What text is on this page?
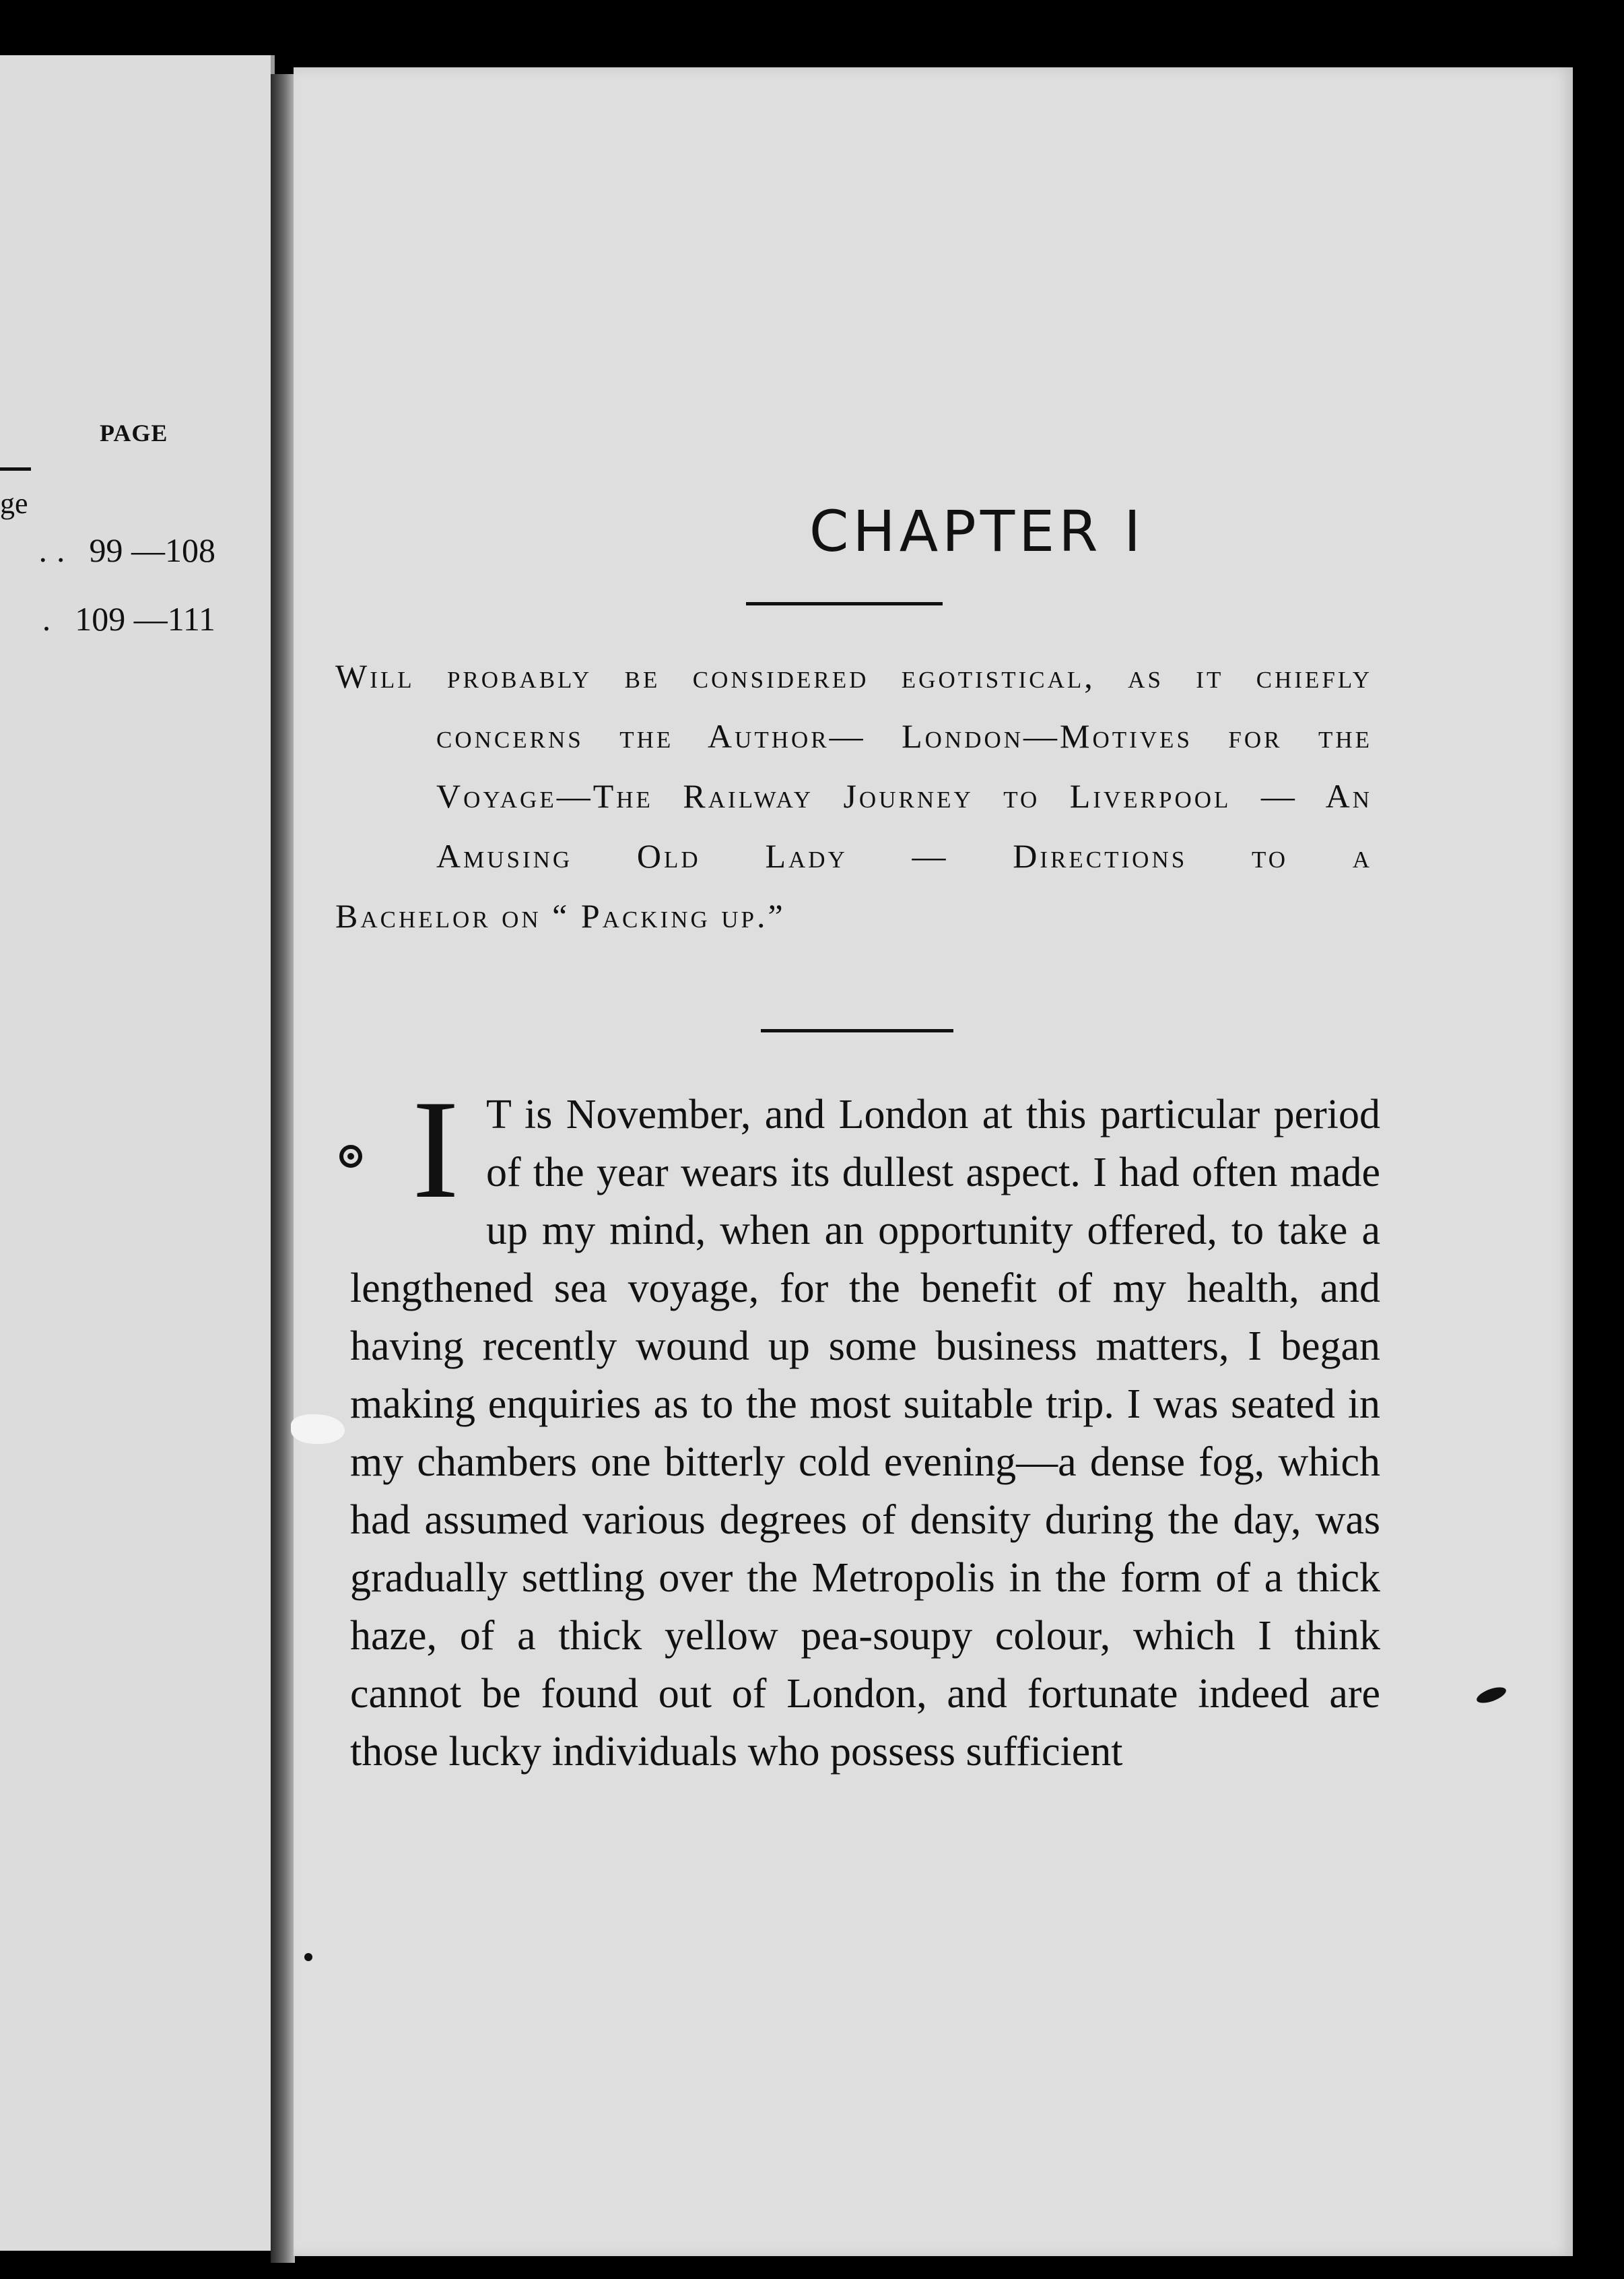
PAGE
ge
.. 99 —108
. 109 —111
CHAPTER I
Will probably be considered egotistical, as it chiefly concerns the Author— London—Motives for the Voyage—The Railway Journey to Liverpool — An Amusing Old Lady — Directions to a
Bachelor on “ Packing up.”
I T is November, and London at this particular period of the year wears its dullest aspect. I had often made up my mind, when an opportunity offered, to take a lengthened sea voyage, for the benefit of my health, and having recently wound up some business matters, I began making enquiries as to the most suitable trip. I was seated in my chambers one bitterly cold evening—a dense fog, which had assumed various degrees of density during the day, was gradually settling over the Metropolis in the form of a thick haze, of a thick yellow pea-soupy colour, which I think cannot be found out of London, and fortunate indeed are those lucky individuals who possess sufficient
